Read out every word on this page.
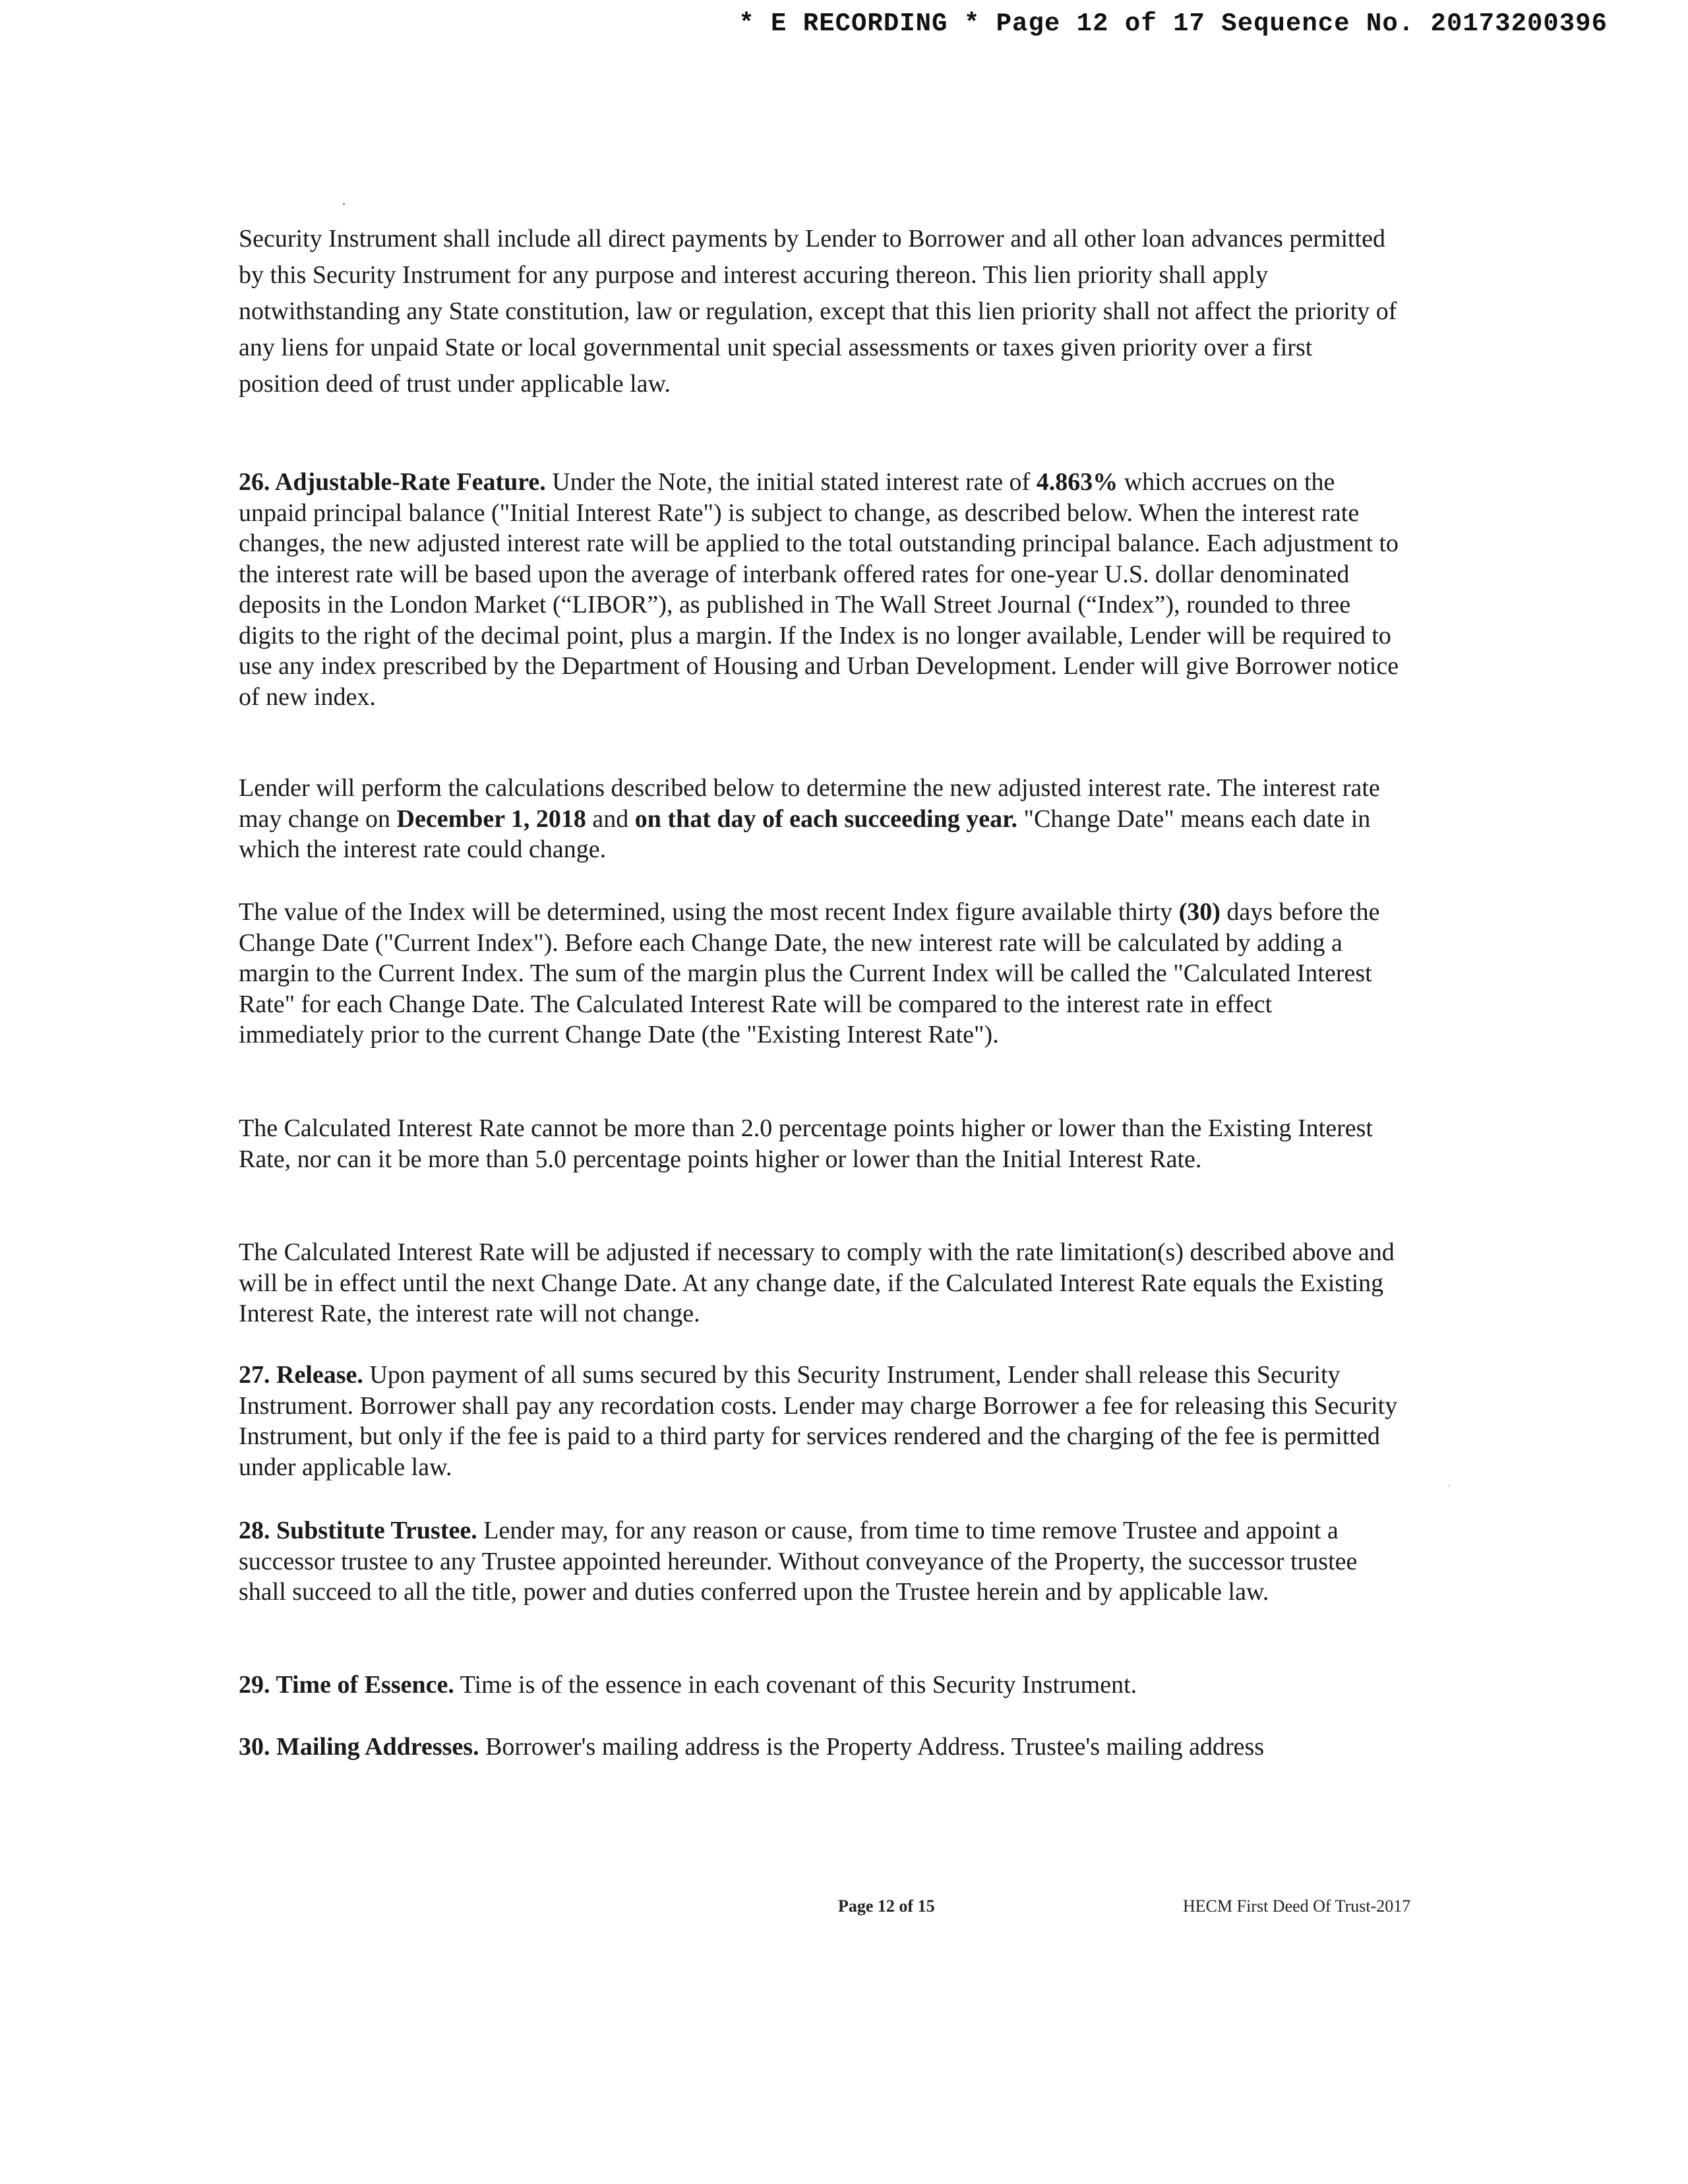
* E RECORDING * Page 12 of 17 Sequence No. 20173200396

Security Instrument shall include all direct payments by Lender to Borrower and all other loan advances permitted by this Security Instrument for any purpose and interest accuring thereon. This lien priority shall apply notwithstanding any State constitution, law or regulation, except that this lien priority shall not affect the priority of any liens for unpaid State or local governmental unit special assessments or taxes given priority over a first position deed of trust under applicable law.

26. Adjustable-Rate Feature. Under the Note, the initial stated interest rate of 4.863% which accrues on the unpaid principal balance ("Initial Interest Rate") is subject to change, as described below. When the interest rate changes, the new adjusted interest rate will be applied to the total outstanding principal balance. Each adjustment to the interest rate will be based upon the average of interbank offered rates for one-year U.S. dollar denominated deposits in the London Market (“LIBOR”), as published in The Wall Street Journal (“Index”), rounded to three digits to the right of the decimal point, plus a margin. If the Index is no longer available, Lender will be required to use any index prescribed by the Department of Housing and Urban Development. Lender will give Borrower notice of new index.

Lender will perform the calculations described below to determine the new adjusted interest rate. The interest rate may change on December 1, 2018 and on that day of each succeeding year. "Change Date" means each date in which the interest rate could change.

The value of the Index will be determined, using the most recent Index figure available thirty (30) days before the Change Date ("Current Index"). Before each Change Date, the new interest rate will be calculated by adding a margin to the Current Index. The sum of the margin plus the Current Index will be called the "Calculated Interest Rate" for each Change Date. The Calculated Interest Rate will be compared to the interest rate in effect immediately prior to the current Change Date (the "Existing Interest Rate").

The Calculated Interest Rate cannot be more than 2.0 percentage points higher or lower than the Existing Interest Rate, nor can it be more than 5.0 percentage points higher or lower than the Initial Interest Rate.

The Calculated Interest Rate will be adjusted if necessary to comply with the rate limitation(s) described above and will be in effect until the next Change Date. At any change date, if the Calculated Interest Rate equals the Existing Interest Rate, the interest rate will not change.

27. Release. Upon payment of all sums secured by this Security Instrument, Lender shall release this Security Instrument. Borrower shall pay any recordation costs. Lender may charge Borrower a fee for releasing this Security Instrument, but only if the fee is paid to a third party for services rendered and the charging of the fee is permitted under applicable law.

28. Substitute Trustee. Lender may, for any reason or cause, from time to time remove Trustee and appoint a successor trustee to any Trustee appointed hereunder. Without conveyance of the Property, the successor trustee shall succeed to all the title, power and duties conferred upon the Trustee herein and by applicable law.

29. Time of Essence. Time is of the essence in each covenant of this Security Instrument.

30. Mailing Addresses. Borrower's mailing address is the Property Address. Trustee's mailing address

Page 12 of 15	HECM First Deed Of Trust-2017
